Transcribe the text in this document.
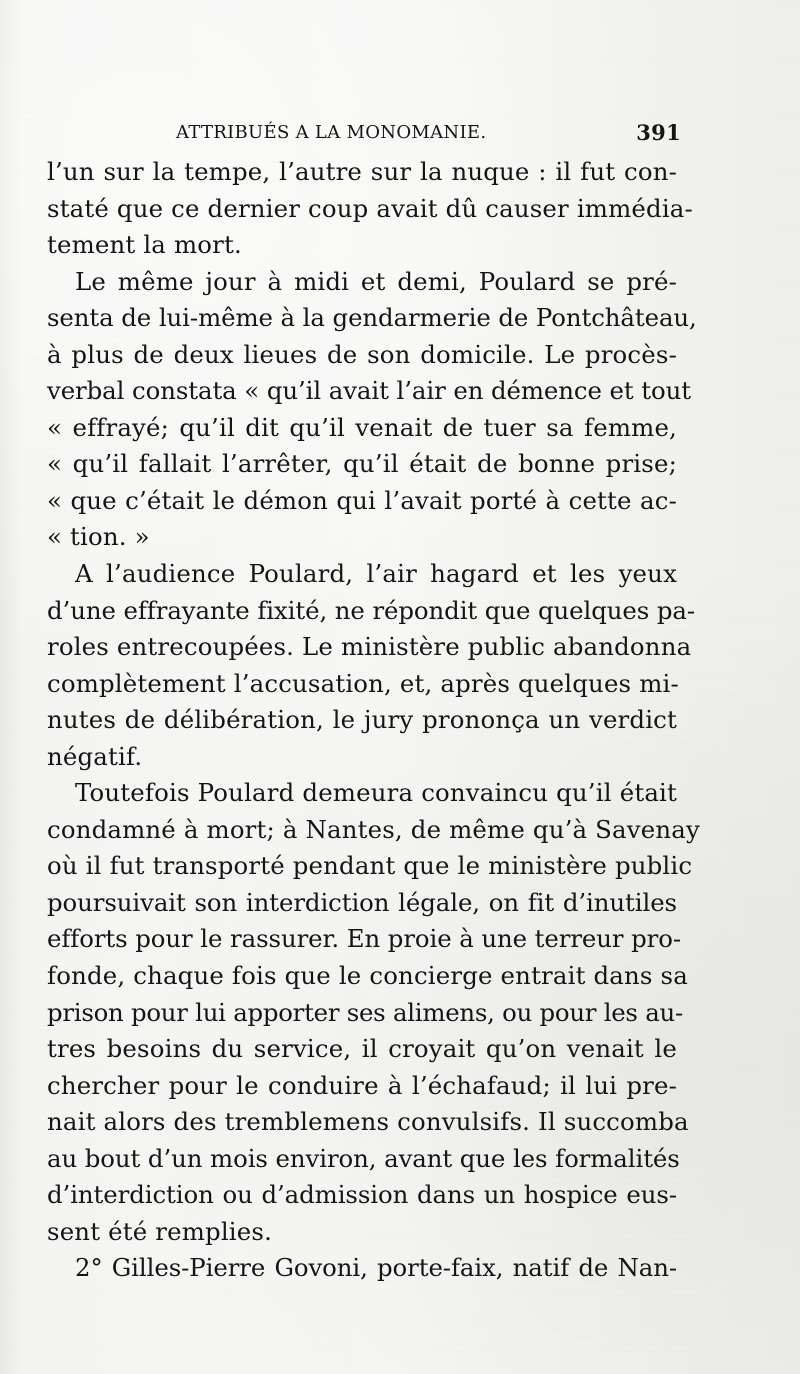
ATTRIBUÉS A LA MONOMANIE.	391
l’un sur la tempe, l’autre sur la nuque : il fut con-
staté que ce dernier coup avait dû causer immédia-
tement la mort.
Le même jour à midi et demi, Poulard se pré-
senta de lui-même à la gendarmerie de Pontchâteau,
à plus de deux lieues de son domicile. Le procès-
verbal constata « qu’il avait l’air en démence et tout
« effrayé; qu’il dit qu’il venait de tuer sa femme,
« qu’il fallait l’arrêter, qu’il était de bonne prise;
« que c’était le démon qui l’avait porté à cette ac-
« tion. »
A l’audience Poulard, l’air hagard et les yeux
d’une effrayante fixité, ne répondit que quelques pa-
roles entrecoupées. Le ministère public abandonna
complètement l’accusation, et, après quelques mi-
nutes de délibération, le jury prononça un verdict
négatif.
Toutefois Poulard demeura convaincu qu’il était
condamné à mort; à Nantes, de même qu’à Savenay
où il fut transporté pendant que le ministère public
poursuivait son interdiction légale, on fit d’inutiles
efforts pour le rassurer. En proie à une terreur pro-
fonde, chaque fois que le concierge entrait dans sa
prison pour lui apporter ses alimens, ou pour les au-
tres besoins du service, il croyait qu’on venait le
chercher pour le conduire à l’échafaud; il lui pre-
nait alors des tremblemens convulsifs. Il succomba
au bout d’un mois environ, avant que les formalités
d’interdiction ou d’admission dans un hospice eus-
sent été remplies.
2° Gilles-Pierre Govoni, porte-faix, natif de Nan-
